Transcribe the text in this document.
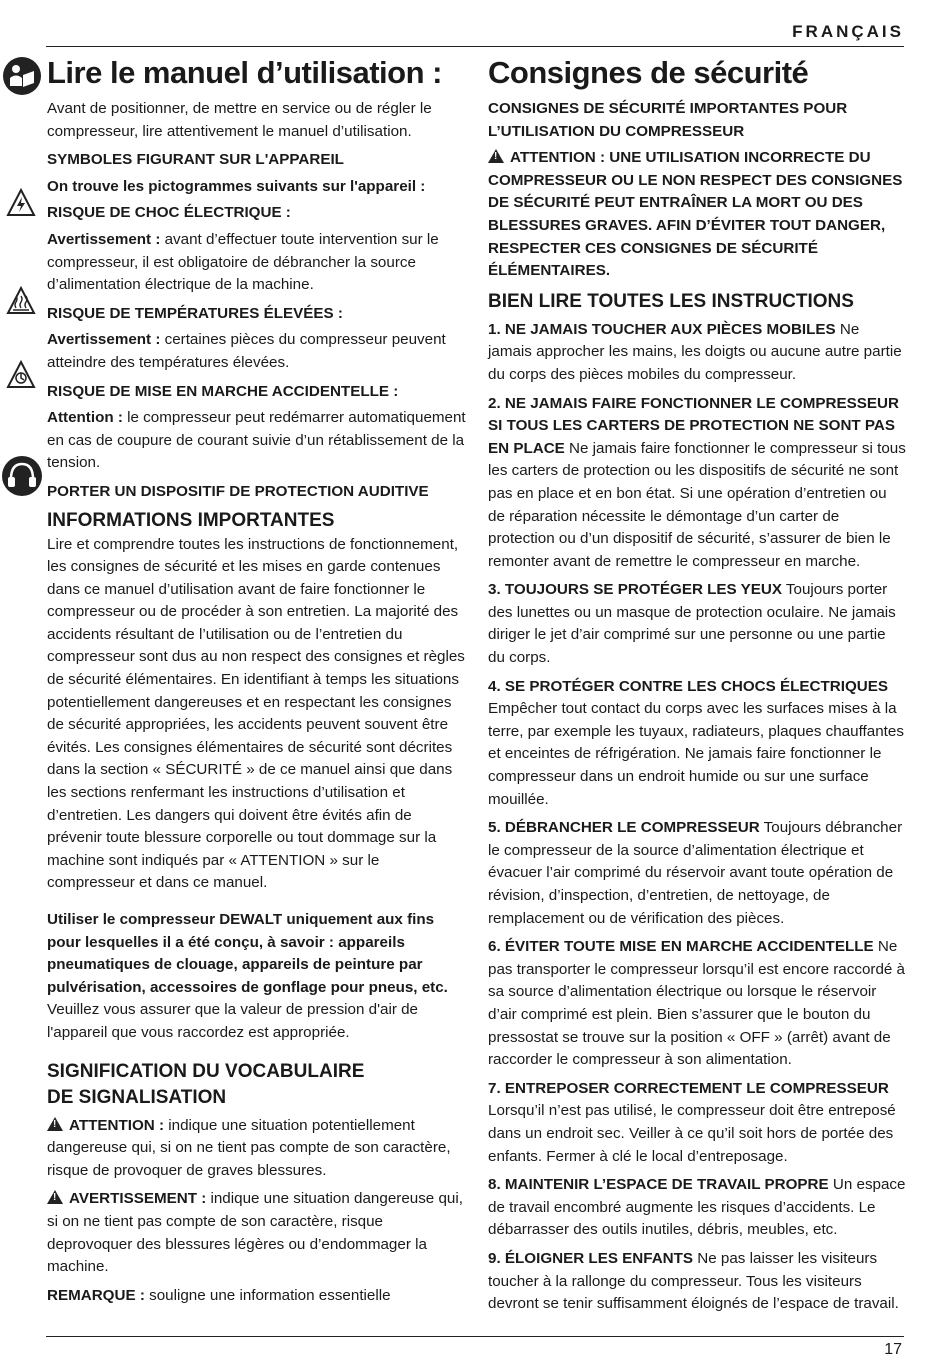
FRANÇAIS
Lire le manuel d’utilisation :

Avant de positionner, de mettre en service ou de régler le compresseur, lire attentivement le manuel d’utilisation.

SYMBOLES FIGURANT SUR L'APPAREIL

On trouve les pictogrammes suivants sur l'appareil :

RISQUE DE CHOC ÉLECTRIQUE :

Avertissement : avant d’effectuer toute intervention sur le compresseur, il est obligatoire de débrancher la source d’alimentation électrique de la machine.

RISQUE DE TEMPÉRATURES ÉLEVÉES :

Avertissement : certaines pièces du compresseur peuvent atteindre des températures élevées.

RISQUE DE MISE EN MARCHE ACCIDENTELLE :

Attention : le compresseur peut redémarrer automatiquement en cas de coupure de courant suivie d’un rétablissement de la tension.

PORTER UN DISPOSITIF DE PROTECTION AUDITIVE

INFORMATIONS IMPORTANTES

Lire et comprendre toutes les instructions de fonctionnement, les consignes de sécurité et les mises en garde contenues dans ce manuel d’utilisation avant de faire fonctionner le compresseur ou de procéder à son entretien. La majorité des accidents résultant de l’utilisation ou de l’entretien du compresseur sont dus au non respect des consignes et règles de sécurité élémentaires. En identifiant à temps les situations potentiellement dangereuses et en respectant les consignes de sécurité appropriées, les accidents peuvent souvent être évités. Les consignes élémentaires de sécurité sont décrites dans la section « SÉCURITÉ » de ce manuel ainsi que dans les sections renfermant les instructions d’utilisation et d’entretien. Les dangers qui doivent être évités afin de prévenir toute blessure corporelle ou tout dommage sur la machine sont indiqués par « ATTENTION » sur le compresseur et dans ce manuel.

Utiliser le compresseur DEWALT uniquement aux fins pour lesquelles il a été conçu, à savoir : appareils pneumatiques de clouage, appareils de peinture par pulvérisation, accessoires de gonflage pour pneus, etc. Veuillez vous assurer que la valeur de pression d'air de l'appareil que vous raccordez est appropriée.

SIGNIFICATION DU VOCABULAIRE
DE SIGNALISATION

!ATTENTION : indique une situation potentiellement dangereuse qui, si on ne tient pas compte de son caractère, risque de provoquer de graves blessures.

!AVERTISSEMENT : indique une situation dangereuse qui, si on ne tient pas compte de son caractère, risque deprovoquer des blessures légères ou d’endommager la machine.

REMARQUE : souligne une information essentielle

Consignes de sécurité

CONSIGNES DE SÉCURITÉ IMPORTANTES POUR L’UTILISATION DU COMPRESSEUR

!ATTENTION : UNE UTILISATION INCORRECTE DU COMPRESSEUR OU LE NON RESPECT DES CONSIGNES DE SÉCURITÉ PEUT ENTRAÎNER LA MORT OU DES BLESSURES GRAVES. AFIN D’ÉVITER TOUT DANGER, RESPECTER CES CONSIGNES DE SÉCURITÉ ÉLÉMENTAIRES.

BIEN LIRE TOUTES LES INSTRUCTIONS

1. NE JAMAIS TOUCHER AUX PIÈCES MOBILES Ne jamais approcher les mains, les doigts ou aucune autre partie du corps des pièces mobiles du compresseur.

2. NE JAMAIS FAIRE FONCTIONNER LE COMPRESSEUR SI TOUS LES CARTERS DE PROTECTION NE SONT PAS EN PLACE Ne jamais faire fonctionner le compresseur si tous les carters de protection ou les dispositifs de sécurité ne sont pas en place et en bon état. Si une opération d’entretien ou de réparation nécessite le démontage d’un carter de protection ou d’un dispositif de sécurité, s’assurer de bien le remonter avant de remettre le compresseur en marche.

3. TOUJOURS SE PROTÉGER LES YEUX Toujours porter des lunettes ou un masque de protection oculaire. Ne jamais diriger le jet d’air comprimé sur une personne ou une partie du corps.

4. SE PROTÉGER CONTRE LES CHOCS ÉLECTRIQUES Empêcher tout contact du corps avec les surfaces mises à la terre, par exemple les tuyaux, radiateurs, plaques chauffantes et enceintes de réfrigération. Ne jamais faire fonctionner le compresseur dans un endroit humide ou sur une surface mouillée.

5. DÉBRANCHER LE COMPRESSEUR Toujours débrancher le compresseur de la source d’alimentation électrique et évacuer l’air comprimé du réservoir avant toute opération de révision, d’inspection, d’entretien, de nettoyage, de remplacement ou de vérification des pièces.

6. ÉVITER TOUTE MISE EN MARCHE ACCIDENTELLE Ne pas transporter le compresseur lorsqu’il est encore raccordé à sa source d’alimentation électrique ou lorsque le réservoir d’air comprimé est plein. Bien s’assurer que le bouton du pressostat se trouve sur la position « OFF » (arrêt) avant de raccorder le compresseur à son alimentation.

7. ENTREPOSER CORRECTEMENT LE COMPRESSEUR Lorsqu’il n’est pas utilisé, le compresseur doit être entreposé dans un endroit sec. Veiller à ce qu’il soit hors de portée des enfants. Fermer à clé le local d’entreposage.

8. MAINTENIR L’ESPACE DE TRAVAIL PROPRE Un espace de travail encombré augmente les risques d’accidents. Le débarrasser des outils inutiles, débris, meubles, etc.

9. ÉLOIGNER LES ENFANTS Ne pas laisser les visiteurs toucher à la rallonge du compresseur. Tous les visiteurs devront se tenir suffisamment éloignés de l’espace de travail.

17
